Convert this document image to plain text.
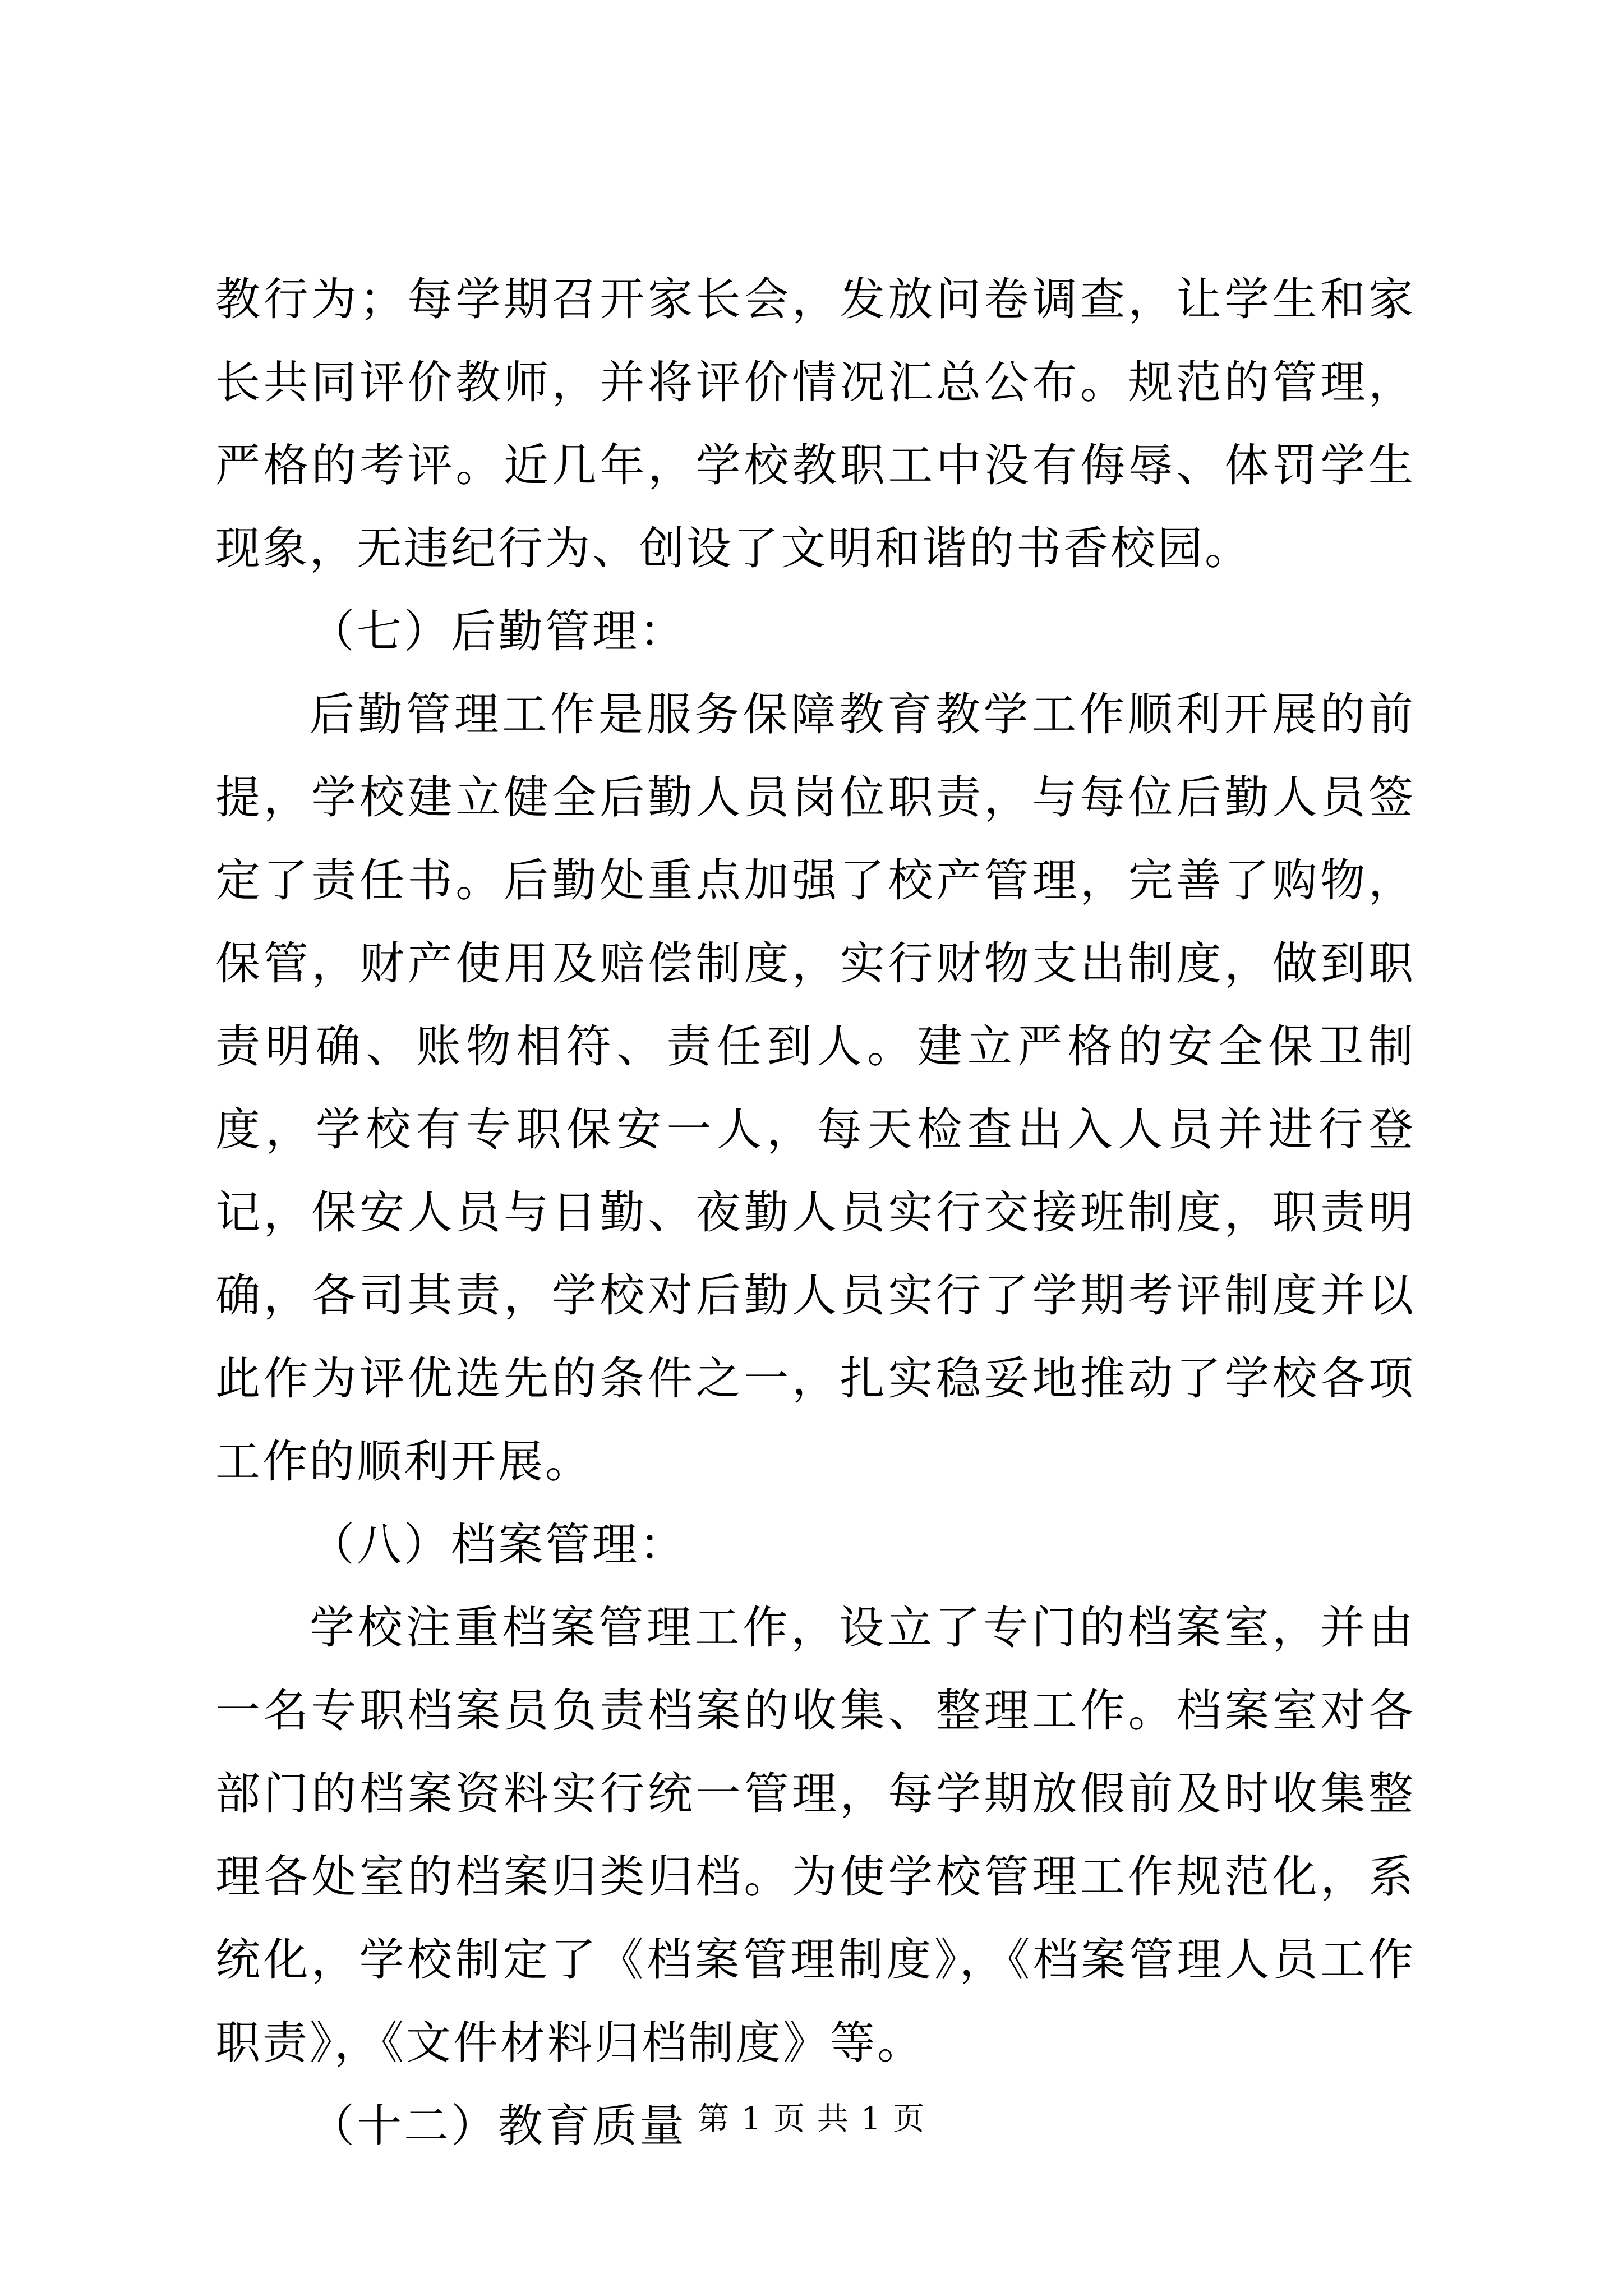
教行为；每学期召开家长会，发放问卷调查，让学生和家长共同评价教师，并将评价情况汇总公布。规范的管理，严格的考评。近几年，学校教职工中没有侮辱、体罚学生现象，无违纪行为、创设了文明和谐的书香校园。

（七）后勤管理：

后勤管理工作是服务保障教育教学工作顺利开展的前提，学校建立健全后勤人员岗位职责，与每位后勤人员签定了责任书。后勤处重点加强了校产管理，完善了购物，保管，财产使用及赔偿制度，实行财物支出制度，做到职责明确、账物相符、责任到人。建立严格的安全保卫制度，学校有专职保安一人，每天检查出入人员并进行登记，保安人员与日勤、夜勤人员实行交接班制度，职责明确，各司其责，学校对后勤人员实行了学期考评制度并以此作为评优选先的条件之一，扎实稳妥地推动了学校各项工作的顺利开展。

（八）档案管理：

学校注重档案管理工作，设立了专门的档案室，并由一名专职档案员负责档案的收集、整理工作。档案室对各部门的档案资料实行统一管理，每学期放假前及时收集整理各处室的档案归类归档。为使学校管理工作规范化，系统化，学校制定了《档案管理制度》，《档案管理人员工作职责》，《文件材料归档制度》等。

（十二）教育质量 第 1 页 共 1 页
